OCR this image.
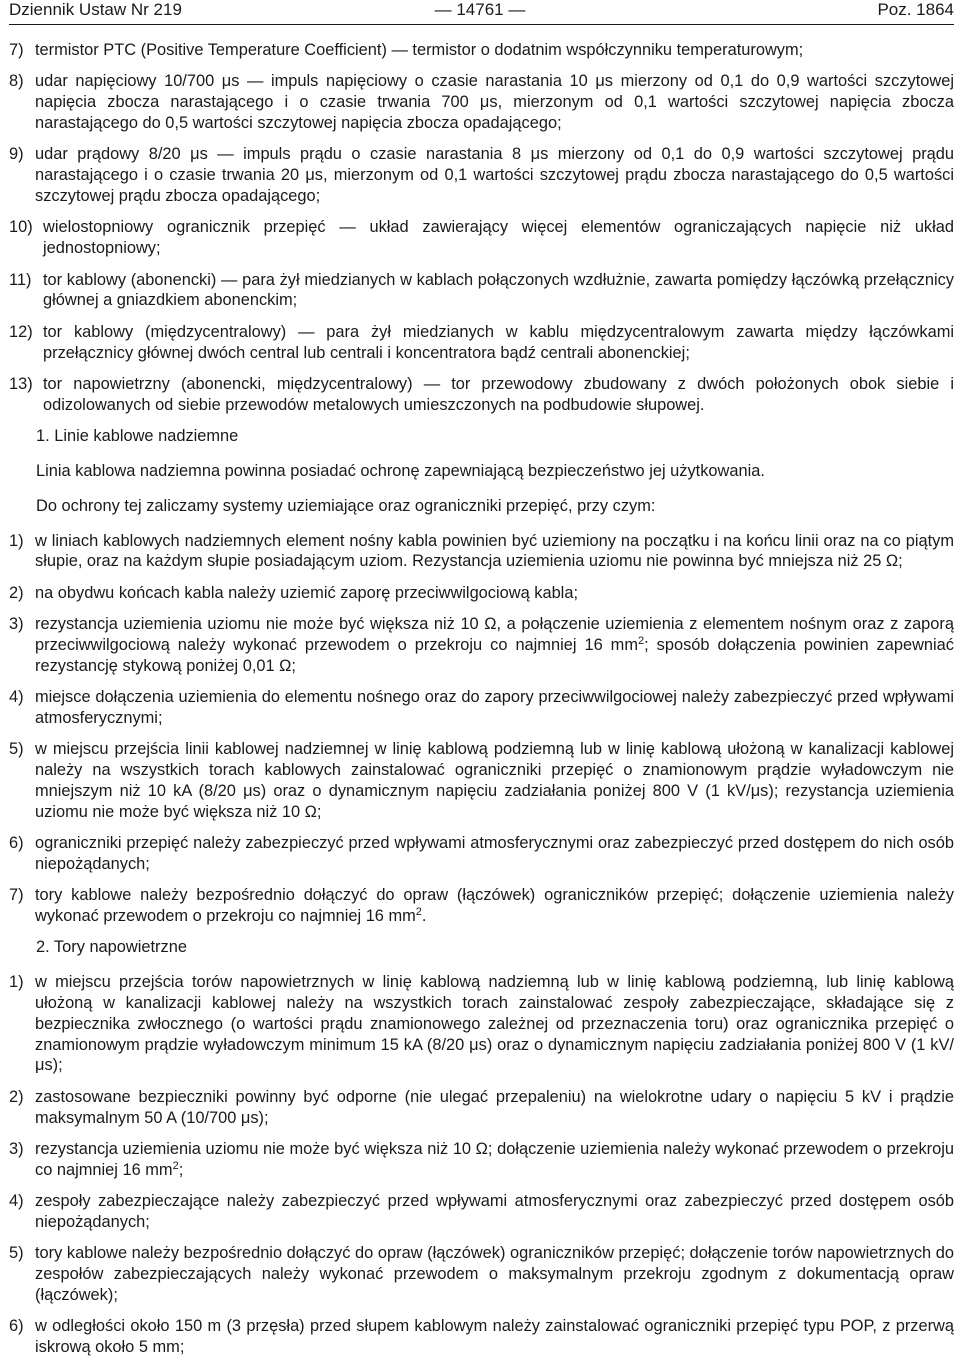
Dziennik Ustaw Nr 219	— 14761 —	Poz. 1864
7) termistor PTC (Positive Temperature Coefficient) — termistor o dodatnim współczynniku temperaturowym;
8) udar napięciowy 10/700 μs — impuls napięciowy o czasie narastania 10 μs mierzony od 0,1 do 0,9 wartości szczytowej napięcia zbocza narastającego i o czasie trwania 700 μs, mierzonym od 0,1 wartości szczytowej napięcia zbocza narastającego do 0,5 wartości szczytowej napięcia zbocza opadającego;
9) udar prądowy 8/20 μs — impuls prądu o czasie narastania 8 μs mierzony od 0,1 do 0,9 wartości szczytowej prądu narastającego i o czasie trwania 20 μs, mierzonym od 0,1 wartości szczytowej prądu zbocza narastającego do 0,5 wartości szczytowej prądu zbocza opadającego;
10) wielostopniowy ogranicznik przepięć — układ zawierający więcej elementów ograniczających napięcie niż układ jednostopniowy;
11) tor kablowy (abonencki) — para żył miedzianych w kablach połączonych wzdłużnie, zawarta pomiędzy łączówką przełącznicy głównej a gniazdkiem abonenckim;
12) tor kablowy (międzycentralowy) — para żył miedzianych w kablu międzycentralowym zawarta między łączówkami przełącznicy głównej dwóch central lub centrali i koncentratora bądź centrali abonenckiej;
13) tor napowietrzny (abonencki, międzycentralowy) — tor przewodowy zbudowany z dwóch położonych obok siebie i odizolowanych od siebie przewodów metalowych umieszczonych na podbudowie słupowej.
1. Linie kablowe nadziemne
Linia kablowa nadziemna powinna posiadać ochronę zapewniającą bezpieczeństwo jej użytkowania.
Do ochrony tej zaliczamy systemy uziemiające oraz ograniczniki przepięć, przy czym:
1) w liniach kablowych nadziemnych element nośny kabla powinien być uziemiony na początku i na końcu linii oraz na co piątym słupie, oraz na każdym słupie posiadającym uziom. Rezystancja uziemienia uziomu nie powinna być mniejsza niż 25 Ω;
2) na obydwu końcach kabla należy uziemić zaporę przeciwwilgociową kabla;
3) rezystancja uziemienia uziomu nie może być większa niż 10 Ω, a połączenie uziemienia z elementem nośnym oraz z zaporą przeciwwilgociową należy wykonać przewodem o przekroju co najmniej 16 $mm^2$; sposób dołączenia powinien zapewniać rezystancję stykową poniżej 0,01 Ω;
4) miejsce dołączenia uziemienia do elementu nośnego oraz do zapory przeciwwilgociowej należy zabezpieczyć przed wpływami atmosferycznymi;
5) w miejscu przejścia linii kablowej nadziemnej w linię kablową podziemną lub w linię kablową ułożoną w kanalizacji kablowej należy na wszystkich torach kablowych zainstalować ograniczniki przepięć o znamionowym prądzie wyładowczym nie mniejszym niż 10 kA (8/20 μs) oraz o dynamicznym napięciu zadziałania poniżej 800 V (1 kV/μs); rezystancja uziemienia uziomu nie może być większa niż 10 Ω;
6) ograniczniki przepięć należy zabezpieczyć przed wpływami atmosferycznymi oraz zabezpieczyć przed dostępem do nich osób niepożądanych;
7) tory kablowe należy bezpośrednio dołączyć do opraw (łączówek) ograniczników przepięć; dołączenie uziemienia należy wykonać przewodem o przekroju co najmniej 16 $mm^2$.
2. Tory napowietrzne
1) w miejscu przejścia torów napowietrznych w linię kablową nadziemną lub w linię kablową podziemną, lub linię kablową ułożoną w kanalizacji kablowej należy na wszystkich torach zainstalować zespoły zabezpieczające, składające się z bezpiecznika zwłocznego (o wartości prądu znamionowego zależnej od przeznaczenia toru) oraz ogranicznika przepięć o znamionowym prądzie wyładowczym minimum 15 kA (8/20 μs) oraz o dynamicznym napięciu zadziałania poniżej 800 V (1 kV/μs);
2) zastosowane bezpieczniki powinny być odporne (nie ulegać przepaleniu) na wielokrotne udary o napięciu 5 kV i prądzie maksymalnym 50 A (10/700 μs);
3) rezystancja uziemienia uziomu nie może być większa niż 10 Ω; dołączenie uziemienia należy wykonać przewodem o przekroju co najmniej 16 $mm^2$;
4) zespoły zabezpieczające należy zabezpieczyć przed wpływami atmosferycznymi oraz zabezpieczyć przed dostępem osób niepożądanych;
5) tory kablowe należy bezpośrednio dołączyć do opraw (łączówek) ograniczników przepięć; dołączenie torów napowietrznych do zespołów zabezpieczających należy wykonać przewodem o maksymalnym przekroju zgodnym z dokumentacją opraw (łączówek);
6) w odległości około 150 m (3 przęsła) przed słupem kablowym należy zainstalować ograniczniki przepięć typu POP, z przerwą iskrową około 5 mm;
